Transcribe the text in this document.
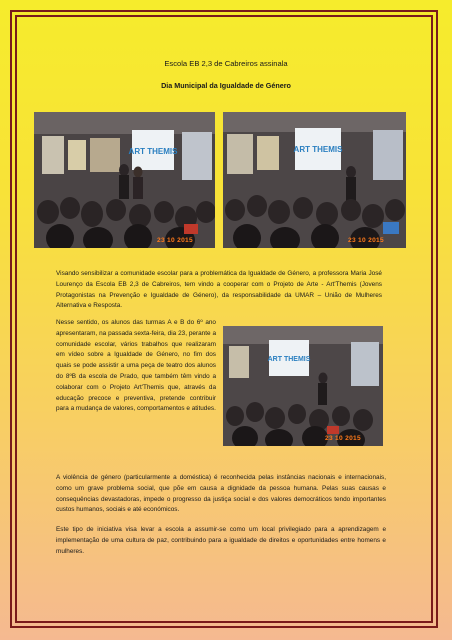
Escola EB 2,3 de Cabreiros assinala

Dia Municipal da Igualdade de Género

ART THEMIS
23 10 2015
ART THEMIS
23 10 2015
ART THEMIS
23 10 2015

Visando sensibilizar a comunidade escolar para a problemática da Igualdade de Género, a professora Maria José Lourenço da Escola EB 2,3 de Cabreiros, tem vindo a cooperar com o Projeto de Arte - Art'Themis (Jovens Protagonistas na Prevenção e Igualdade de Género), da responsabilidade da UMAR – União de Mulheres Alternativa e Resposta.

Nesse sentido, os alunos das turmas A e B do 6º ano apresentaram, na passada sexta-feira, dia 23, perante a comunidade escolar, vários trabalhos que realizaram em vídeo sobre a Igualdade de Género, no fim dos quais se pode assistir a uma peça de teatro dos alunos do 8ºB da escola de Prado, que também têm vindo a colaborar com o Projeto Art'Themis que, através da educação precoce e preventiva, pretende contribuir para a mudança de valores, comportamentos e atitudes.

A violência de género (particularmente a doméstica) é reconhecida pelas instâncias nacionais e internacionais, como um grave problema social, que põe em causa a dignidade da pessoa humana. Pelas suas causas e consequências devastadoras, impede o progresso da justiça social e dos valores democráticos tendo importantes custos humanos, sociais e até económicos.

Este tipo de iniciativa visa levar a escola a assumir-se como um local privilegiado para a aprendizagem e implementação de uma cultura de paz, contribuindo para a igualdade de direitos e oportunidades entre homens e mulheres.
